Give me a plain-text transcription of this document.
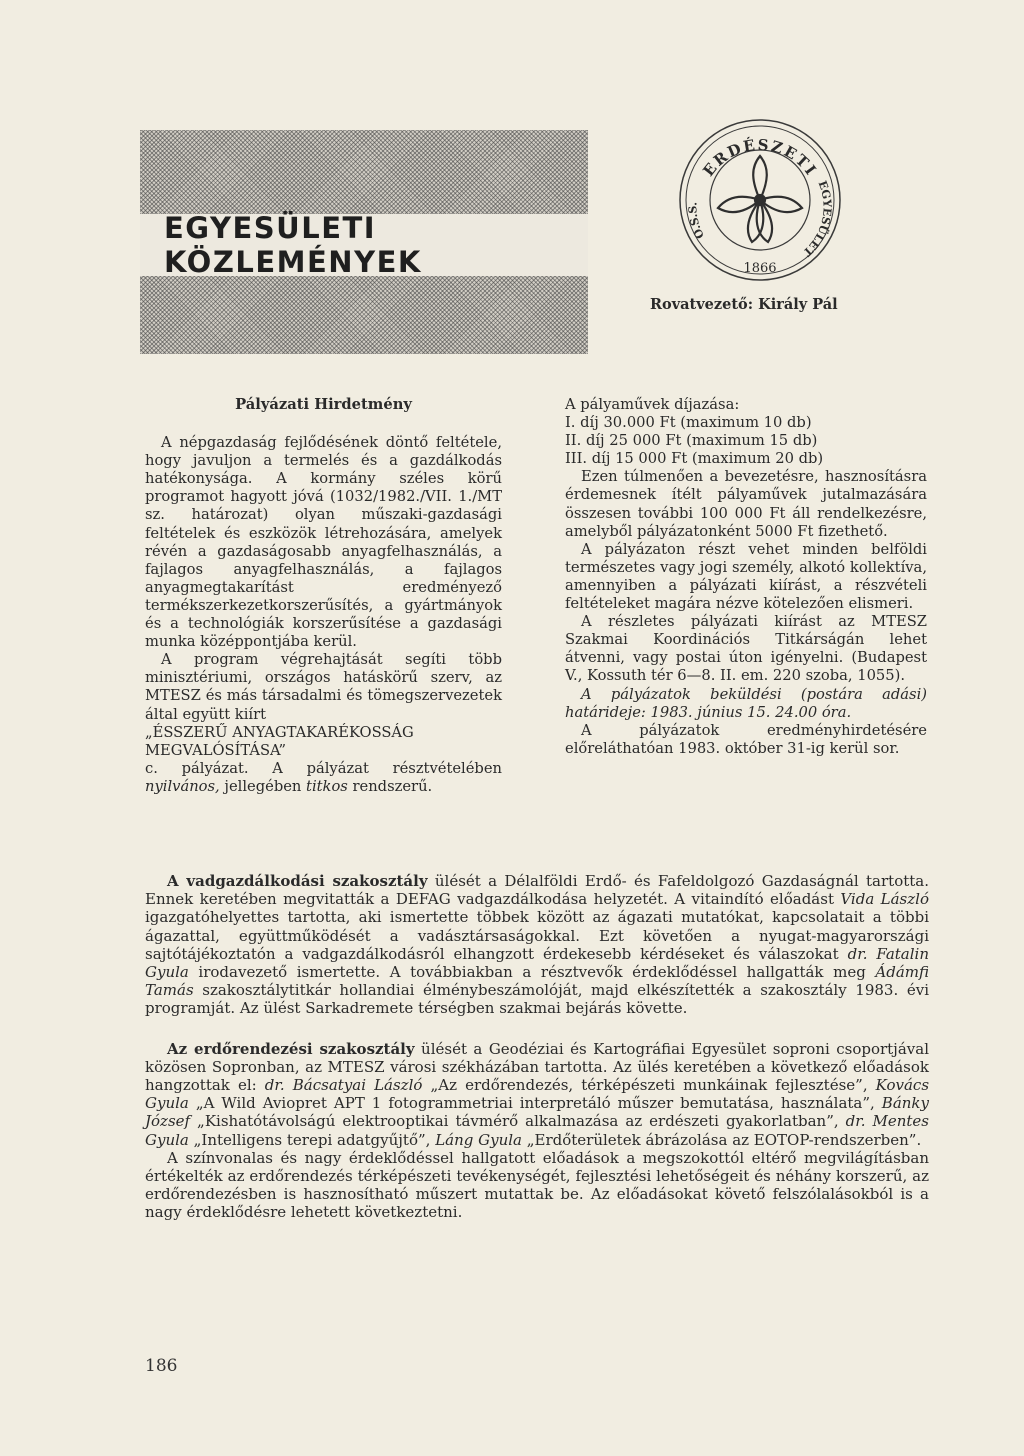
EGYESÜLETI KÖZLEMÉNYEK
ERDÉSZETI
O.S.S.
EGYESÜLET
1866
Rovatvezető: Király Pál
Pályázati Hirdetmény

A népgazdaság fejlődésének döntő feltétele, hogy javuljon a termelés és a gazdálkodás hatékonysága. A kormány széles körű programot hagyott jóvá (1032/1982./VII. 1./MT sz. határozat) olyan műszaki-gazdasági feltételek és eszközök létrehozására, amelyek révén a gazdaságosabb anyagfelhasználás, a fajlagos anyagfelhasználás, a fajlagos anyagmegtakarítást eredményező termékszerkezetkorszerűsítés, a gyártmányok és a technológiák korszerűsítése a gazdasági munka középpontjába kerül.

A program végrehajtását segíti több minisztériumi, országos hatáskörű szerv, az MTESZ és más társadalmi és tömegszervezetek által együtt kiírt

„ÉSSZERŰ ANYAGTAKARÉKOSSÁG

MEGVALÓSÍTÁSA”

c. pályázat. A pályázat résztvételében nyilvános, jellegében titkos rendszerű.

A pályaművek díjazása:

I. díj 30.000 Ft (maximum 10 db)

II. díj 25 000 Ft (maximum 15 db)

III. díj 15 000 Ft (maximum 20 db)

Ezen túlmenően a bevezetésre, hasznosításra érdemesnek ítélt pályaművek jutalmazására összesen további 100 000 Ft áll rendelkezésre, amelyből pályázatonként 5000 Ft fizethető.

A pályázaton részt vehet minden belföldi természetes vagy jogi személy, alkotó kollektíva, amennyiben a pályázati kiírást, a részvételi feltételeket magára nézve kötelezően elismeri.

A részletes pályázati kiírást az MTESZ Szakmai Koordinációs Titkárságán lehet átvenni, vagy postai úton igényelni. (Budapest V., Kossuth tér 6—8. II. em. 220 szoba, 1055).

A pályázatok beküldési (postára adási) határideje: 1983. június 15. 24.00 óra.

A pályázatok eredményhirdetésére előreláthatóan 1983. október 31-ig kerül sor.

A vadgazdálkodási szakosztály ülését a Délalföldi Erdő- és Fafeldolgozó Gazdaságnál tartotta. Ennek keretében megvitatták a DEFAG vadgazdálkodása helyzetét. A vitaindító előadást Vida László igazgatóhelyettes tartotta, aki ismertette többek között az ágazati mutatókat, kapcsolatait a többi ágazattal, együttműködését a vadásztársaságokkal. Ezt követően a nyugat-magyarországi sajtótájékoztatón a vadgazdálkodásról elhangzott érdekesebb kérdéseket és válaszokat dr. Fatalin Gyula irodavezető ismertette. A továbbiakban a résztvevők érdeklődéssel hallgatták meg Ádámfi Tamás szakosztálytitkár hollandiai élménybeszámolóját, majd elkészítették a szakosztály 1983. évi programját. Az ülést Sarkadremete térségben szakmai bejárás követte.

Az erdőrendezési szakosztály ülését a Geodéziai és Kartográfiai Egyesület soproni csoportjával közösen Sopronban, az MTESZ városi székházában tartotta. Az ülés keretében a következő előadások hangzottak el: dr. Bácsatyai László „Az erdőrendezés, térképészeti munkáinak fejlesztése”, Kovács Gyula „A Wild Aviopret APT 1 fotogrammetriai interpretáló műszer bemutatása, használata”, Bánky József „Kishatótávolságú elektrooptikai távmérő alkalmazása az erdészeti gyakorlatban”, dr. Mentes Gyula „Intelligens terepi adatgyűjtő”, Láng Gyula „Erdőterületek ábrázolása az EOTOP-rendszerben”.

A színvonalas és nagy érdeklődéssel hallgatott előadások a megszokottól eltérő megvilágításban értékelték az erdőrendezés térképészeti tevékenységét, fejlesztési lehetőségeit és néhány korszerű, az erdőrendezésben is hasznosítható műszert mutattak be. Az előadásokat követő felszólalásokból is a nagy érdeklődésre lehetett következtetni.

186
